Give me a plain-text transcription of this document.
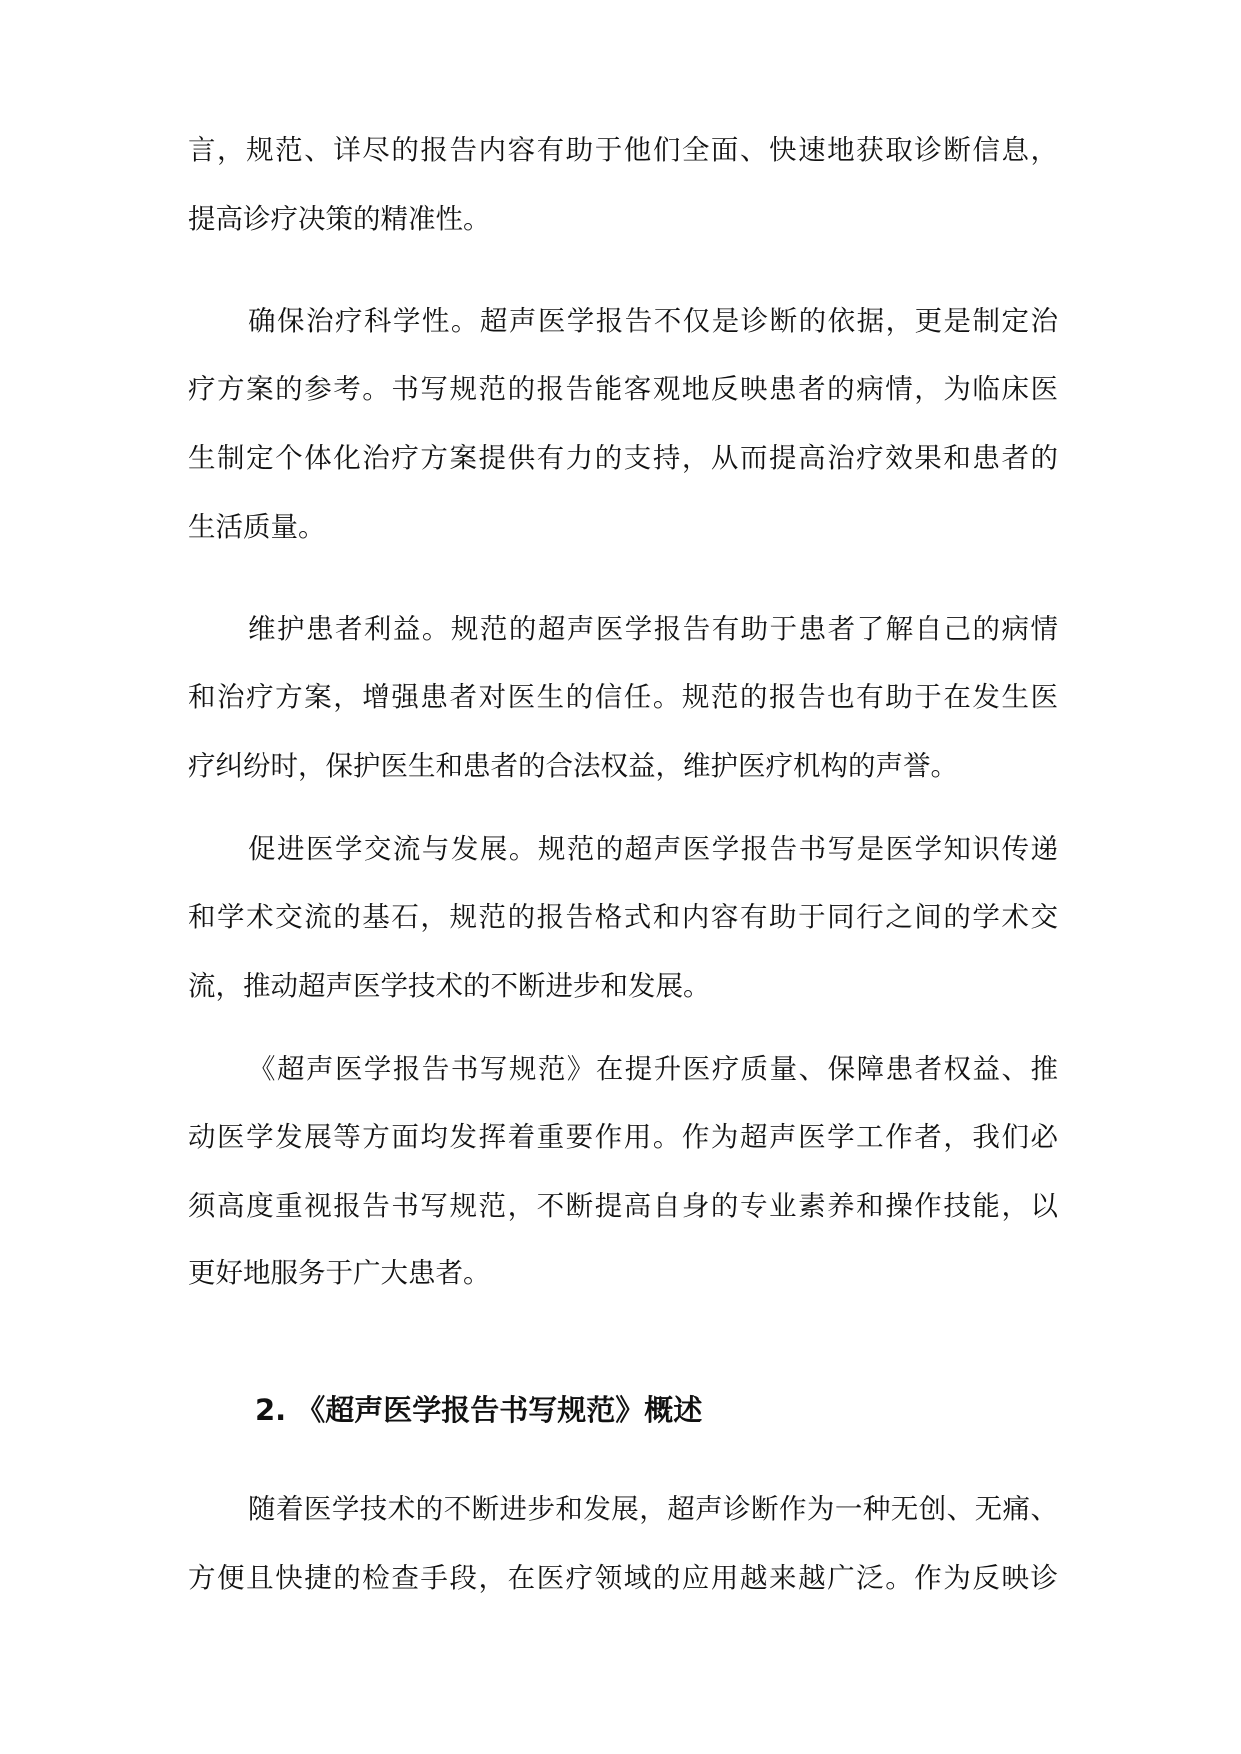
言，规范、详尽的报告内容有助于他们全面、快速地获取诊断信息，

提高诊疗决策的精准性。

确保治疗科学性。超声医学报告不仅是诊断的依据，更是制定治

疗方案的参考。书写规范的报告能客观地反映患者的病情，为临床医

生制定个体化治疗方案提供有力的支持，从而提高治疗效果和患者的

生活质量。

维护患者利益。规范的超声医学报告有助于患者了解自己的病情

和治疗方案，增强患者对医生的信任。规范的报告也有助于在发生医

疗纠纷时，保护医生和患者的合法权益，维护医疗机构的声誉。

促进医学交流与发展。规范的超声医学报告书写是医学知识传递

和学术交流的基石，规范的报告格式和内容有助于同行之间的学术交

流，推动超声医学技术的不断进步和发展。

《超声医学报告书写规范》在提升医疗质量、保障患者权益、推

动医学发展等方面均发挥着重要作用。作为超声医学工作者，我们必

须高度重视报告书写规范，不断提高自身的专业素养和操作技能，以

更好地服务于广大患者。

2. 《超声医学报告书写规范》概述

随着医学技术的不断进步和发展，超声诊断作为一种无创、无痛、

方便且快捷的检查手段，在医疗领域的应用越来越广泛。作为反映诊
